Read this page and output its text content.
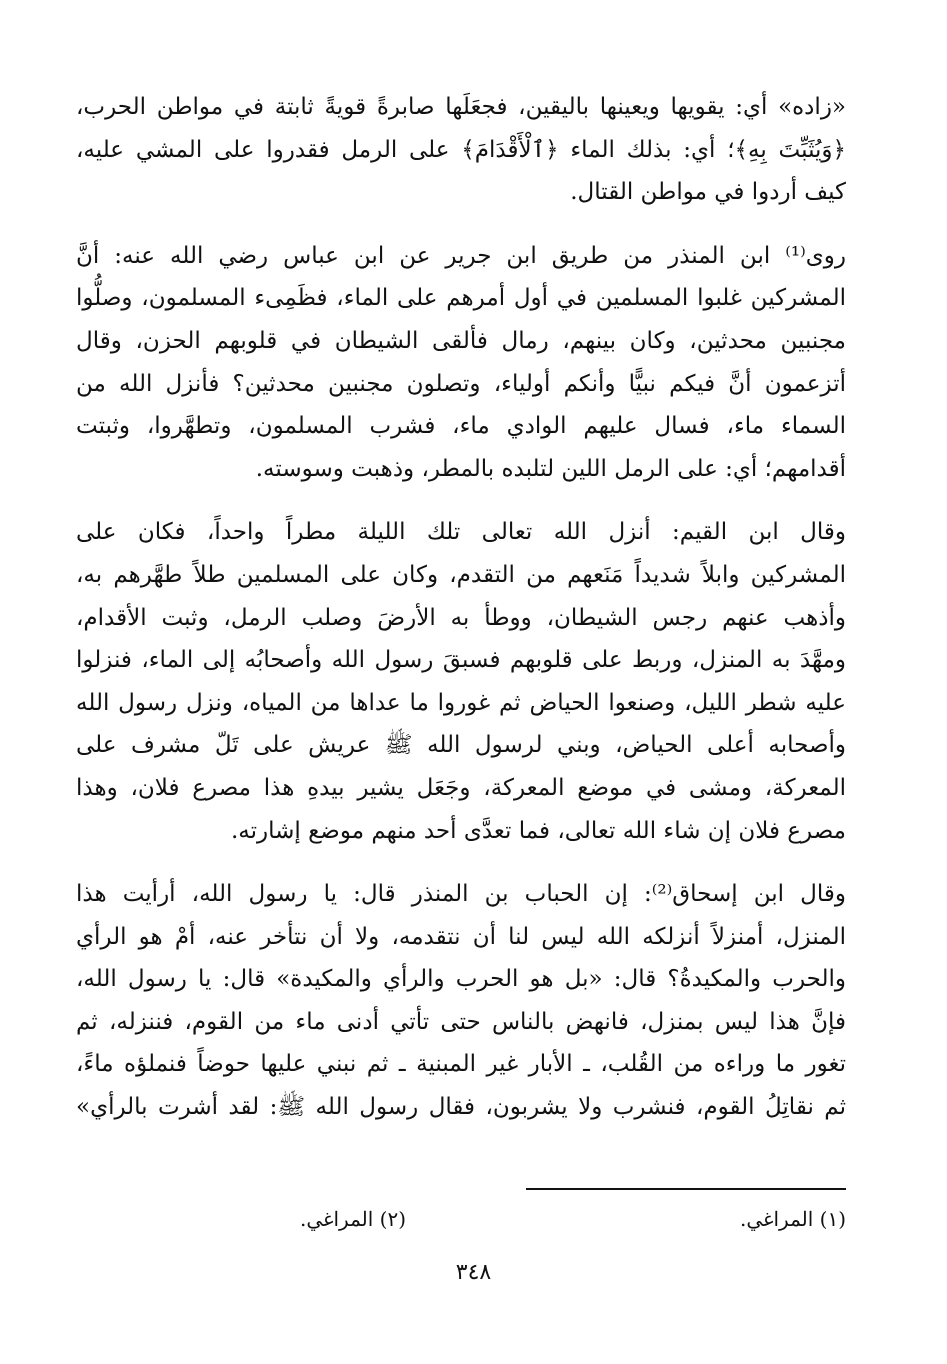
«زاده» أي: يقويها ويعينها باليقين، فجعَلَها صابرةً قويةً ثابتة في مواطن الحرب،
﴿وَيُثَبِّتَ بِهِ﴾؛ أي: بذلك الماء ﴿ٱلْأَقْدَامَ﴾ على الرمل فقدروا على المشي عليه،
كيف أردوا في مواطن القتال.

روى⁽¹⁾ ابن المنذر من طريق ابن جرير عن ابن عباس رضي الله عنه: أنَّ
المشركين غلبوا المسلمين في أول أمرهم على الماء، فظَمِىء المسلمون، وصلُّوا
مجنبين محدثين، وكان بينهم، رمال فألقى الشيطان في قلوبهم الحزن، وقال
أتزعمون أنَّ فيكم نبيًّا وأنكم أولياء، وتصلون مجنبين محدثين؟ فأنزل الله من
السماء ماء، فسال عليهم الوادي ماء، فشرب المسلمون، وتطهَّروا، وثبتت
أقدامهم؛ أي: على الرمل اللين لتلبده بالمطر، وذهبت وسوسته.

وقال ابن القيم: أنزل الله تعالى تلك الليلة مطراً واحداً، فكان على
المشركين وابلاً شديداً مَنَعهم من التقدم، وكان على المسلمين طلاً طهَّرهم به،
وأذهب عنهم رجس الشيطان، ووطأ به الأرضَ وصلب الرمل، وثبت الأقدام،
ومهَّدَ به المنزل، وربط على قلوبهم فسبقَ رسول الله وأصحابُه إلى الماء، فنزلوا
عليه شطر الليل، وصنعوا الحياض ثم غوروا ما عداها من المياه، ونزل رسول الله
وأصحابه أعلى الحياض، وبني لرسول الله ﷺ عريش على تَلّ مشرف على
المعركة، ومشى في موضع المعركة، وجَعَل يشير بيدهِ هذا مصرع فلان، وهذا
مصرع فلان إن شاء الله تعالى، فما تعدَّى أحد منهم موضع إشارته.

وقال ابن إسحاق⁽²⁾: إن الحباب بن المنذر قال: يا رسول الله، أرأيت هذا
المنزل، أمنزلاً أنزلكه الله ليس لنا أن نتقدمه، ولا أن نتأخر عنه، أمْ هو الرأي
والحرب والمكيدةُ؟ قال: «بل هو الحرب والرأي والمكيدة» قال: يا رسول الله،
فإنَّ هذا ليس بمنزل، فانهض بالناس حتى تأتي أدنى ماء من القوم، فننزله، ثم
تغور ما وراءه من القُلب، ـ الأبار غير المبنية ـ ثم نبني عليها حوضاً فنملؤه ماءً،
ثم نقاتِلُ القوم، فنشرب ولا يشربون، فقال رسول الله ﷺ: لقد أشرت بالرأي»

(١) المراغي.
(٢) المراغي.
٣٤٨
